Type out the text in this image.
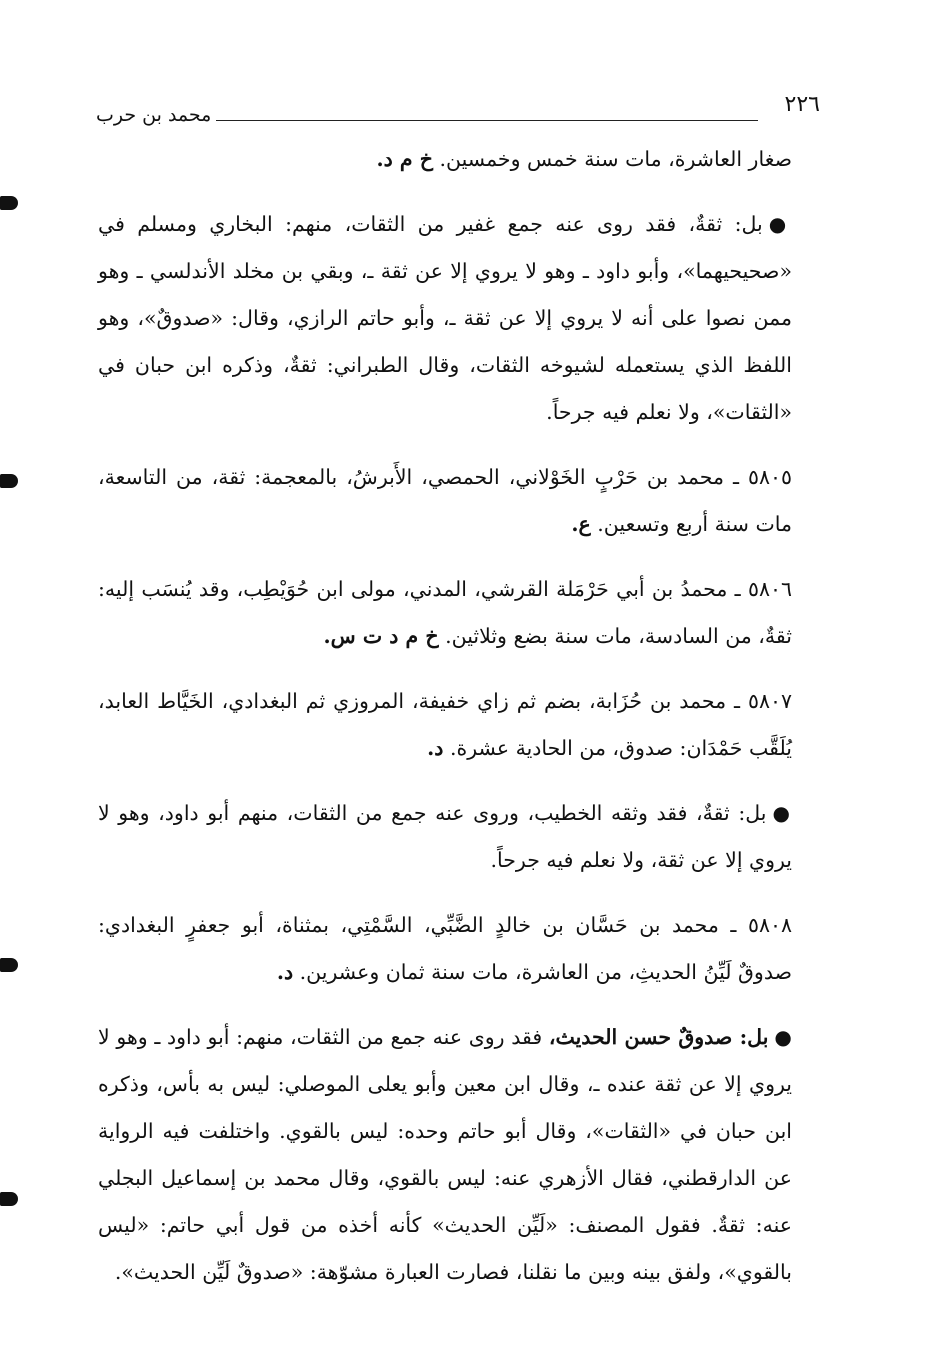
٢٢٦
محمد بن حرب

صغار العاشرة، مات سنة خمس وخمسين. خ م د.

●بل: ثقةٌ، فقد روى عنه جمع غفير من الثقات، منهم: البخاري ومسلم في «صحيحيهما»، وأبو داود ـ وهو لا يروي إلا عن ثقة ـ، وبقي بن مخلد الأندلسي ـ وهو ممن نصوا على أنه لا يروي إلا عن ثقة ـ، وأبو حاتم الرازي، وقال: «صدوقٌ»، وهو اللفظ الذي يستعمله لشيوخه الثقات، وقال الطبراني: ثقةٌ، وذكره ابن حبان في «الثقات»، ولا نعلم فيه جرحاً.

٥٨٠٥ ـ محمد بن حَرْبٍ الخَوْلاني، الحمصي، الأَبرشُ، بالمعجمة: ثقة، من التاسعة، مات سنة أربع وتسعين. ع.

٥٨٠٦ ـ محمدُ بن أبي حَرْمَلة القرشي، المدني، مولى ابن حُوَيْطِب، وقد يُنسَب إليه: ثقةٌ، من السادسة، مات سنة بضع وثلاثين. خ م د ت س.

٥٨٠٧ ـ محمد بن حُزَابة، بضم ثم زاي خفيفة، المروزي ثم البغدادي، الخَيَّاط العابد، يُلَقَّب حَمْدَان: صدوق، من الحادية عشرة. د.

●بل: ثقةٌ، فقد وثقه الخطيب، وروى عنه جمع من الثقات، منهم أبو داود، وهو لا يروي إلا عن ثقة، ولا نعلم فيه جرحاً.

٥٨٠٨ ـ محمد بن حَسَّان بن خالدٍ الضَّبِّي، السَّمْتِي، بمثناة، أبو جعفرٍ البغدادي: صدوقٌ لَيِّنُ الحديثِ، من العاشرة، مات سنة ثمان وعشرين. د.

●بل: صدوقٌ حسن الحديث، فقد روى عنه جمع من الثقات، منهم: أبو داود ـ وهو لا يروي إلا عن ثقة عنده ـ، وقال ابن معين وأبو يعلى الموصلي: ليس به بأس، وذكره ابن حبان في «الثقات»، وقال أبو حاتم وحده: ليس بالقوي. واختلفت فيه الرواية عن الدارقطني، فقال الأزهري عنه: ليس بالقوي، وقال محمد بن إسماعيل البجلي عنه: ثقةٌ. فقول المصنف: «لَيِّن الحديث» كأنه أخذه من قول أبي حاتم: «ليس بالقوي»، ولفق بينه وبين ما نقلنا، فصارت العبارة مشوّهة: «صدوقٌ لَيِّن الحديث».
